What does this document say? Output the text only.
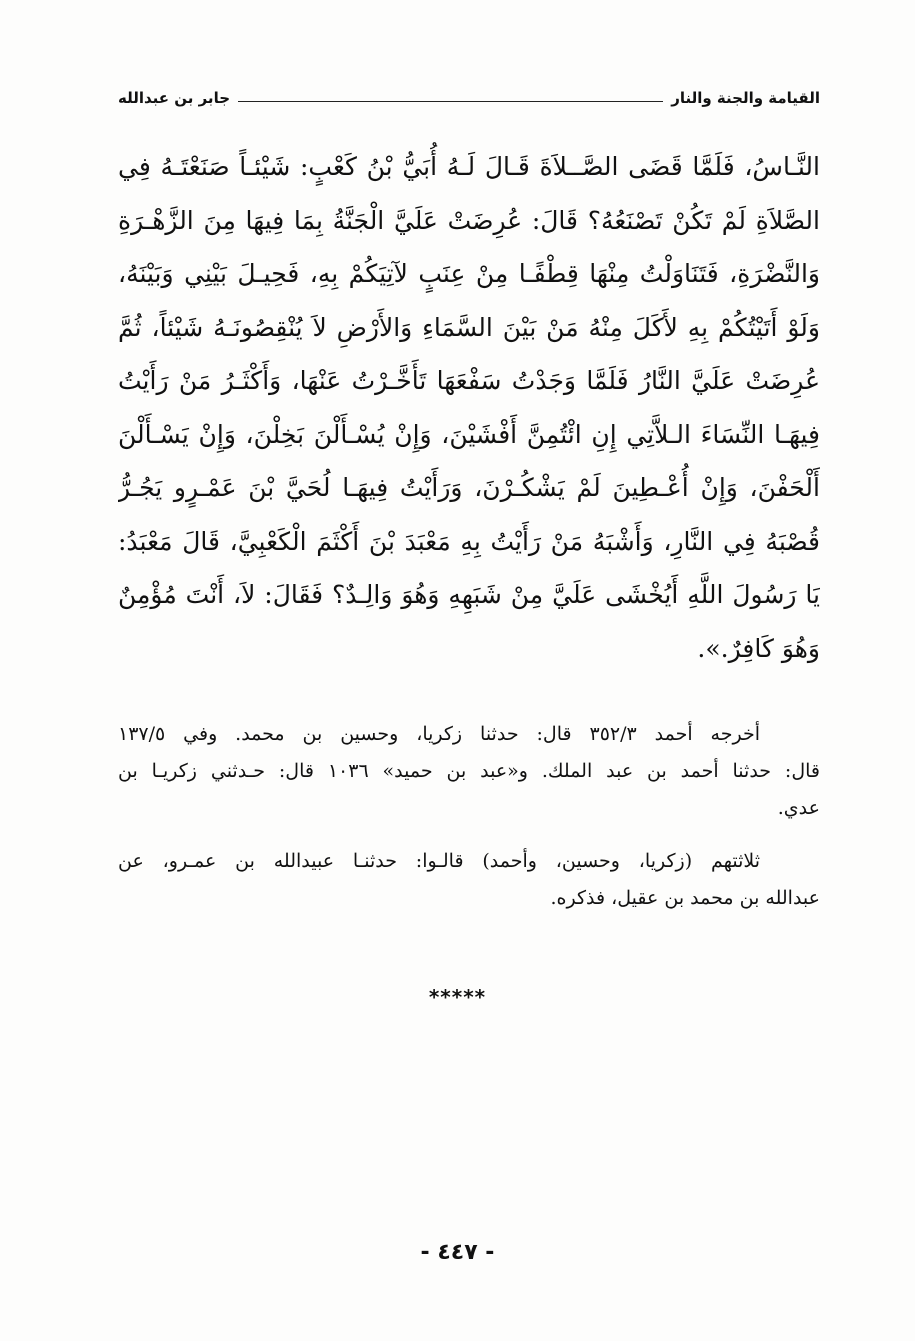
القيامة والجنة والنار
جابر بن عبدالله
النَّـاسُ، فَلَمَّا قَضَى الصَّــلاَةَ قَـالَ لَـهُ أُبَيُّ بْنُ كَعْبٍ: شَيْئـاً صَنَعْتَـهُ فِي
الصَّلاَةِ لَمْ تَكُنْ تَصْنَعُهُ؟ قَالَ: عُرِضَتْ عَلَيَّ الْجَنَّةُ بِمَا فِيهَا مِنَ الزَّهْـرَةِ
وَالنَّضْرَةِ، فَتَنَاوَلْتُ مِنْهَا قِطْفًـا مِنْ عِنَبٍ لآتِيَكُمْ بِهِ، فَحِيـلَ بَيْنِي وَبَيْنَهُ،
وَلَوْ أَتَيْتُكُمْ بِهِ لأَكَلَ مِنْهُ مَنْ بَيْنَ السَّمَاءِ وَالأَرْضِ لاَ يُنْقِصُونَـهُ شَيْئاً، ثُمَّ
عُرِضَتْ عَلَيَّ النَّارُ فَلَمَّا وَجَدْتُ سَفْعَهَا تَأَخَّـرْتُ عَنْهَا، وَأَكْثَـرُ مَنْ رَأَيْتُ
فِيهَـا النِّسَاءَ الـلاَّتِي إِنِ ائْتُمِنَّ أَفْشَيْنَ، وَإِنْ يُسْـأَلْنَ بَخِلْنَ، وَإِنْ يَسْـأَلْنَ
أَلْحَفْنَ، وَإِنْ أُعْـطِينَ لَمْ يَشْكُـرْنَ، وَرَأَيْتُ فِيهَـا لُحَيَّ بْنَ عَمْـرٍو يَجُـرُّ
قُصْبَهُ فِي النَّارِ، وَأَشْبَهُ مَنْ رَأَيْتُ بِهِ مَعْبَدَ بْنَ أَكْثَمَ الْكَعْبِيَّ، قَالَ مَعْبَدُ:
يَا رَسُولَ اللَّهِ أَيُخْشَى عَلَيَّ مِنْ شَبَهِهِ وَهُوَ وَالِـدٌ؟ فَقَالَ: لاَ، أَنْتَ مُؤْمِنٌ
وَهُوَ كَافِرٌ.».

أخرجه أحمد ٣٥٢/٣ قال: حدثنا زكريا، وحسين بن محمد. وفي ١٣٧/٥
قال: حدثنا أحمد بن عبد الملك. و«عبد بن حميد» ١٠٣٦ قال: حـدثني زكريـا بن
عدي.

ثلاثتهم (زكريا، وحسين، وأحمد) قالـوا: حدثنـا عبيدالله بن عمـرو، عن
عبدالله بن محمد بن عقيل، فذكره.

*****
- ٤٤٧ -
